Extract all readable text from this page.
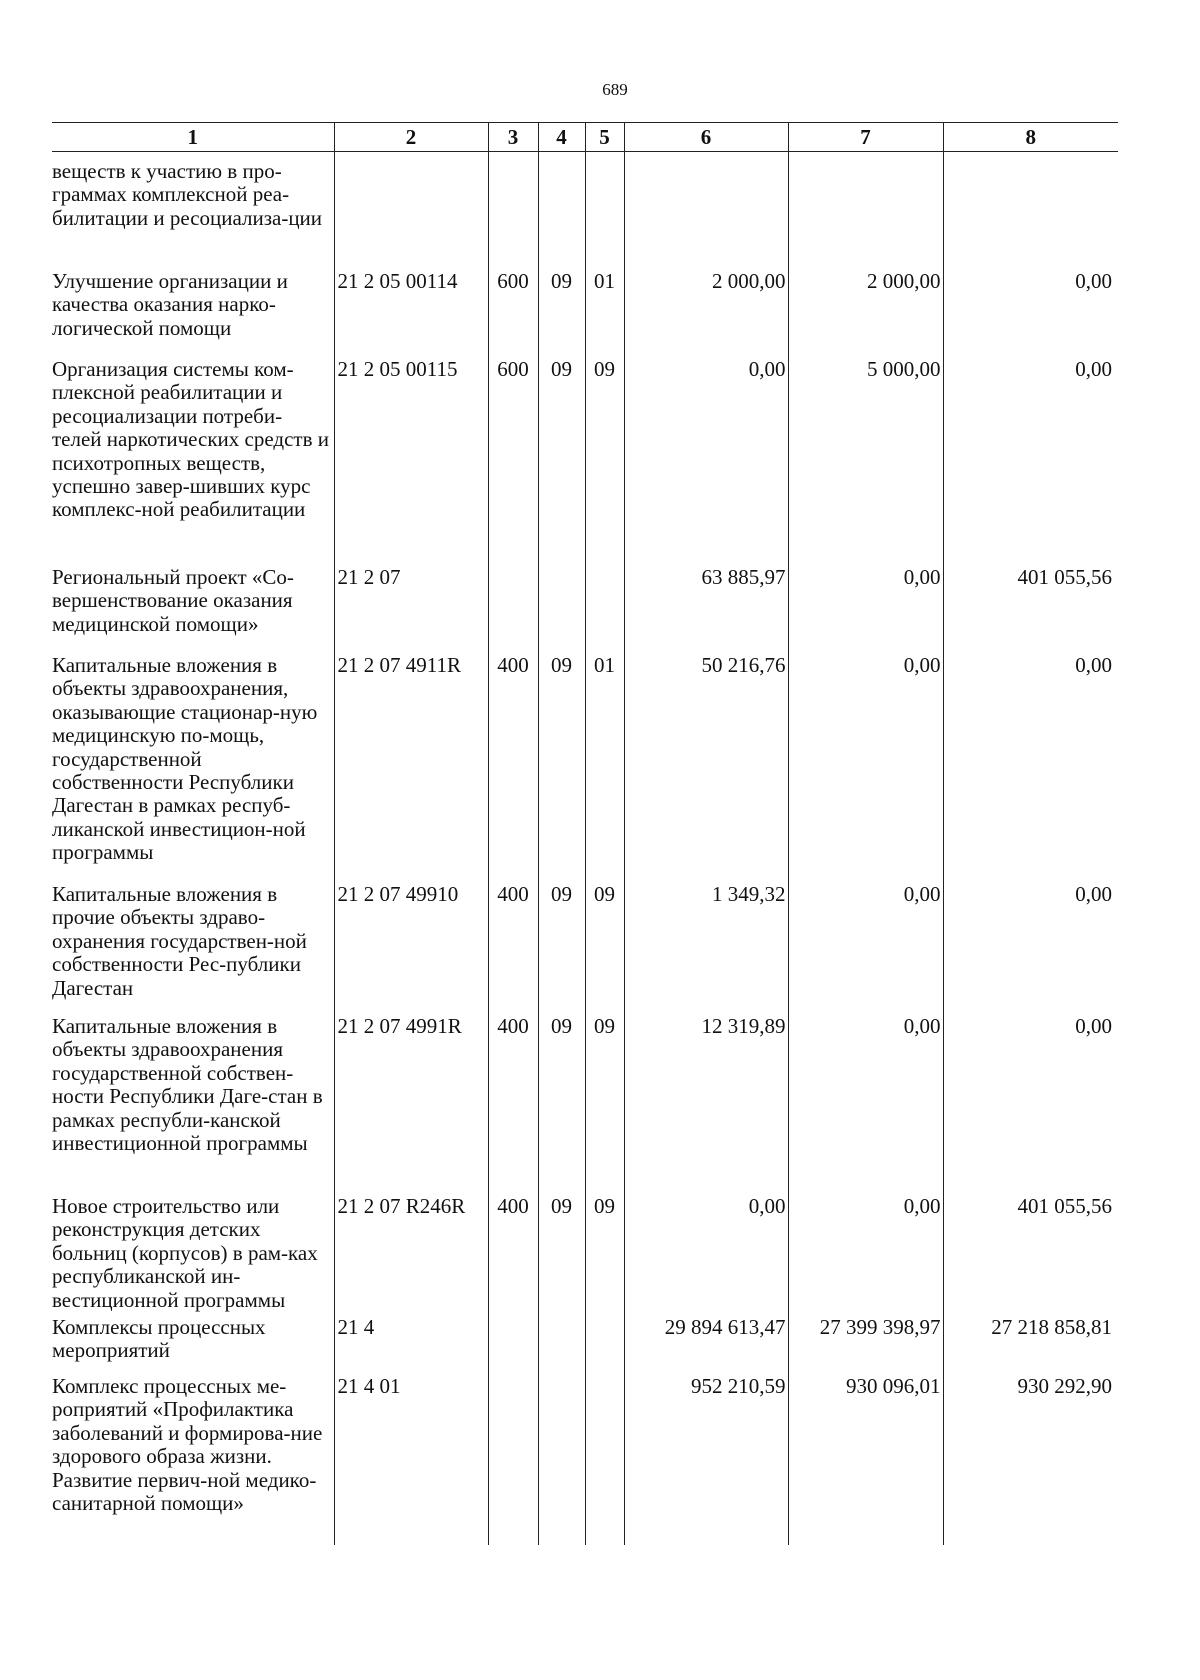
689
1	2	3	4	5	6	7	8
веществ к участию в про-граммах комплексной реа-билитации и ресоциализа-ции							
Улучшение организации и качества оказания нарко-логической помощи	21 2 05 00114	600	09	01	2 000,00	2 000,00	0,00
Организация системы ком-плексной реабилитации и ресоциализации потреби-телей наркотических средств и психотропных веществ, успешно завер-шивших курс комплекс-ной реабилитации	21 2 05 00115	600	09	09	0,00	5 000,00	0,00
Региональный проект «Со-вершенствование оказания медицинской помощи»	21 2 07				63 885,97	0,00	401 055,56
Капитальные вложения в объекты здравоохранения, оказывающие стационар-ную медицинскую по-мощь, государственной собственности Республики Дагестан в рамках респуб-ликанской инвестицион-ной программы	21 2 07 4911R	400	09	01	50 216,76	0,00	0,00
Капитальные вложения в прочие объекты здраво-охранения государствен-ной собственности Рес-публики Дагестан	21 2 07 49910	400	09	09	1 349,32	0,00	0,00
Капитальные вложения в объекты здравоохранения государственной собствен-ности Республики Даге-стан в рамках республи-канской инвестиционной программы	21 2 07 4991R	400	09	09	12 319,89	0,00	0,00
Новое строительство или реконструкция детских больниц (корпусов) в рам-ках республиканской ин-вестиционной программы	21 2 07 R246R	400	09	09	0,00	0,00	401 055,56
Комплексы процессных мероприятий	21 4				29 894 613,47	27 399 398,97	27 218 858,81
Комплекс процессных ме-роприятий «Профилактика заболеваний и формирова-ние здорового образа жизни. Развитие первич-ной медико-санитарной помощи»	21 4 01				952 210,59	930 096,01	930 292,90
